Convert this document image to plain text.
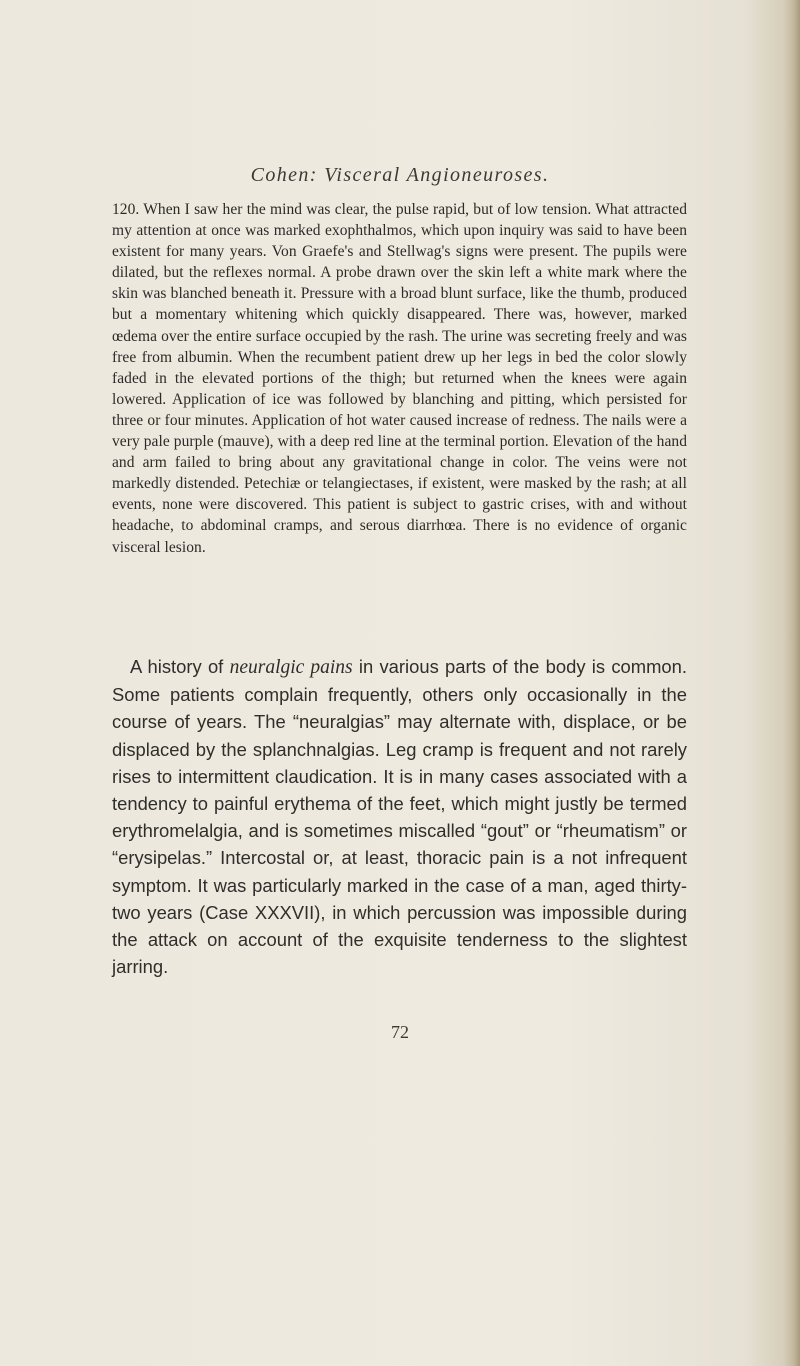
Cohen: Visceral Angioneuroses.

120. When I saw her the mind was clear, the pulse rapid, but of low tension. What attracted my attention at once was marked exophthalmos, which upon inquiry was said to have been existent for many years. Von Graefe's and Stellwag's signs were present. The pupils were dilated, but the reflexes normal. A probe drawn over the skin left a white mark where the skin was blanched beneath it. Pressure with a broad blunt surface, like the thumb, produced but a momentary whitening which quickly disappeared. There was, however, marked œdema over the entire surface occupied by the rash. The urine was secreting freely and was free from albumin. When the recumbent patient drew up her legs in bed the color slowly faded in the elevated portions of the thigh; but returned when the knees were again lowered. Application of ice was followed by blanching and pitting, which persisted for three or four minutes. Application of hot water caused increase of redness. The nails were a very pale purple (mauve), with a deep red line at the terminal portion. Elevation of the hand and arm failed to bring about any gravitational change in color. The veins were not markedly distended. Petechiæ or telangiectases, if existent, were masked by the rash; at all events, none were discovered. This patient is subject to gastric crises, with and without headache, to abdominal cramps, and serous diarrhœa. There is no evidence of organic visceral lesion.

A history of neuralgic pains in various parts of the body is common. Some patients complain frequently, others only occasionally in the course of years. The “neuralgias” may alternate with, displace, or be displaced by the splanchnalgias. Leg cramp is frequent and not rarely rises to intermittent claudication. It is in many cases associated with a tendency to painful erythema of the feet, which might justly be termed erythromelalgia, and is sometimes miscalled “gout” or “rheumatism” or “erysipelas.” Intercostal or, at least, thoracic pain is a not infrequent symptom. It was particularly marked in the case of a man, aged thirty-two years (Case XXXVII), in which percussion was impossible during the attack on account of the exquisite tenderness to the slightest jarring.

72
